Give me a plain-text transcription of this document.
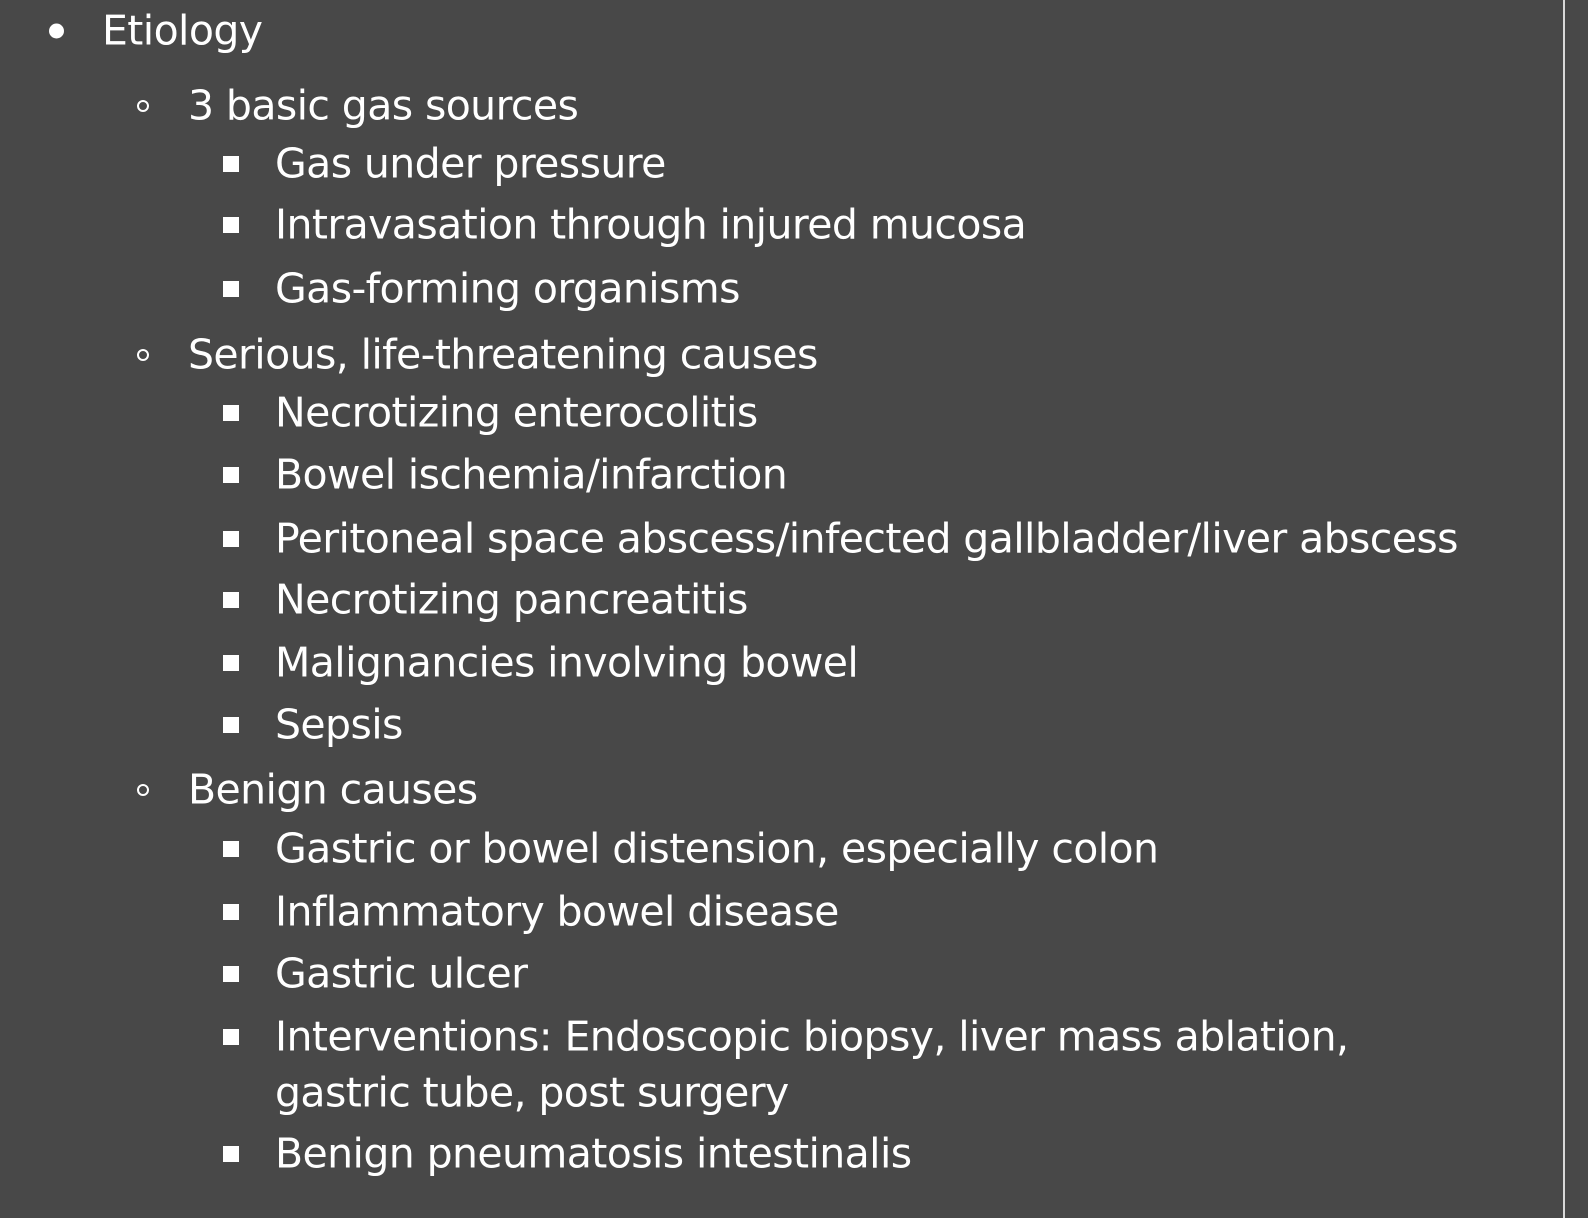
Etiology
3 basic gas sources
Gas under pressure
Intravasation through injured mucosa
Gas-forming organisms
Serious, life-threatening causes
Necrotizing enterocolitis
Bowel ischemia/infarction
Peritoneal space abscess/infected gallbladder/liver abscess
Necrotizing pancreatitis
Malignancies involving bowel
Sepsis
Benign causes
Gastric or bowel distension, especially colon
Inflammatory bowel disease
Gastric ulcer
Interventions: Endoscopic biopsy, liver mass ablation,
gastric tube, post surgery
Benign pneumatosis intestinalis
